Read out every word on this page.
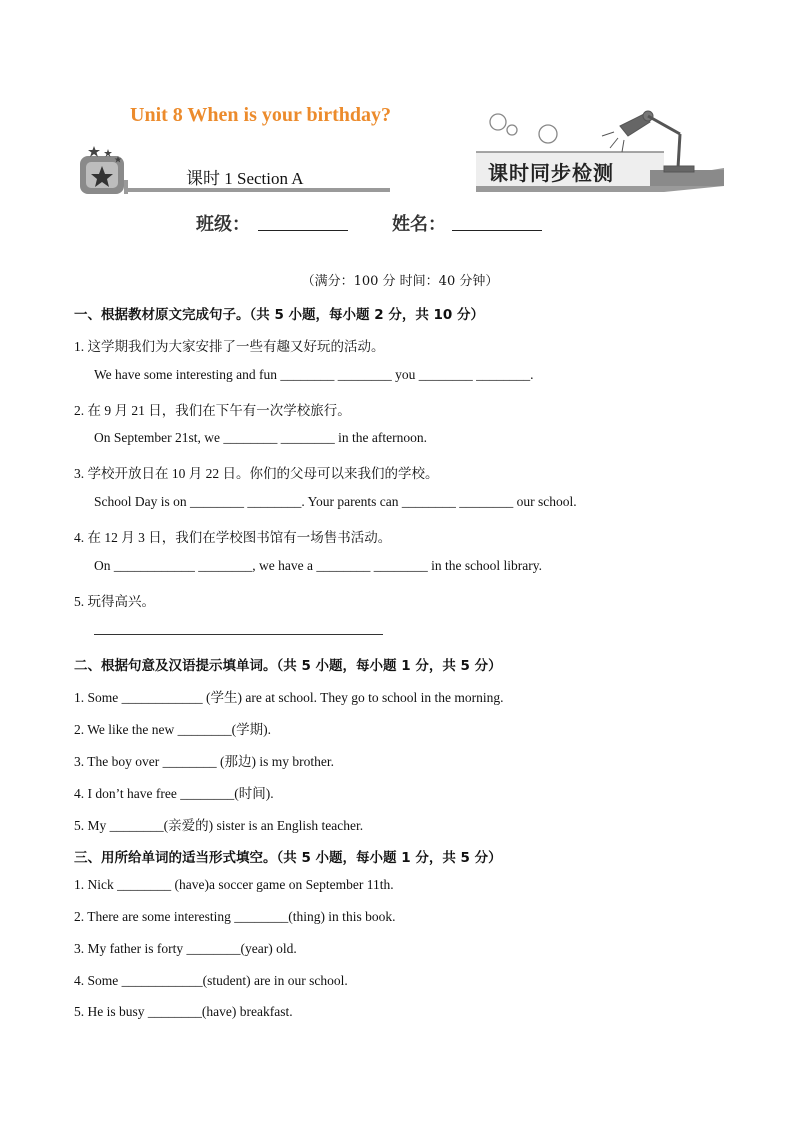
Unit 8 When is your birthday?
课时 1 Section A	课时同步检测
班级：	姓名：
（满分：100 分 时间：40 分钟）
一、根据教材原文完成句子。（共 5 小题，每小题 2 分，共 10 分）
1. 这学期我们为大家安排了一些有趣又好玩的活动。
We have some interesting and fun ________ ________ you ________ ________.
2. 在 9 月 21 日，我们在下午有一次学校旅行。
On September 21st, we ________ ________ in the afternoon.
3. 学校开放日在 10 月 22 日。你们的父母可以来我们的学校。
School Day is on ________ ________. Your parents can ________ ________ our school.
4. 在 12 月 3 日，我们在学校图书馆有一场售书活动。
On ____________ ________, we have a ________ ________ in the school library.
5. 玩得高兴。
二、根据句意及汉语提示填单词。（共 5 小题，每小题 1 分，共 5 分）
1. Some ____________ (学生) are at school. They go to school in the morning.
2. We like the new ________(学期).
3. The boy over ________ (那边) is my brother.
4. I don’t have free ________(时间).
5. My ________(亲爱的) sister is an English teacher.
三、用所给单词的适当形式填空。（共 5 小题，每小题 1 分，共 5 分）
1. Nick ________ (have)a soccer game on September 11th.
2. There are some interesting ________(thing) in this book.
3. My father is forty ________(year) old.
4. Some ____________(student) are in our school.
5. He is busy ________(have) breakfast.
